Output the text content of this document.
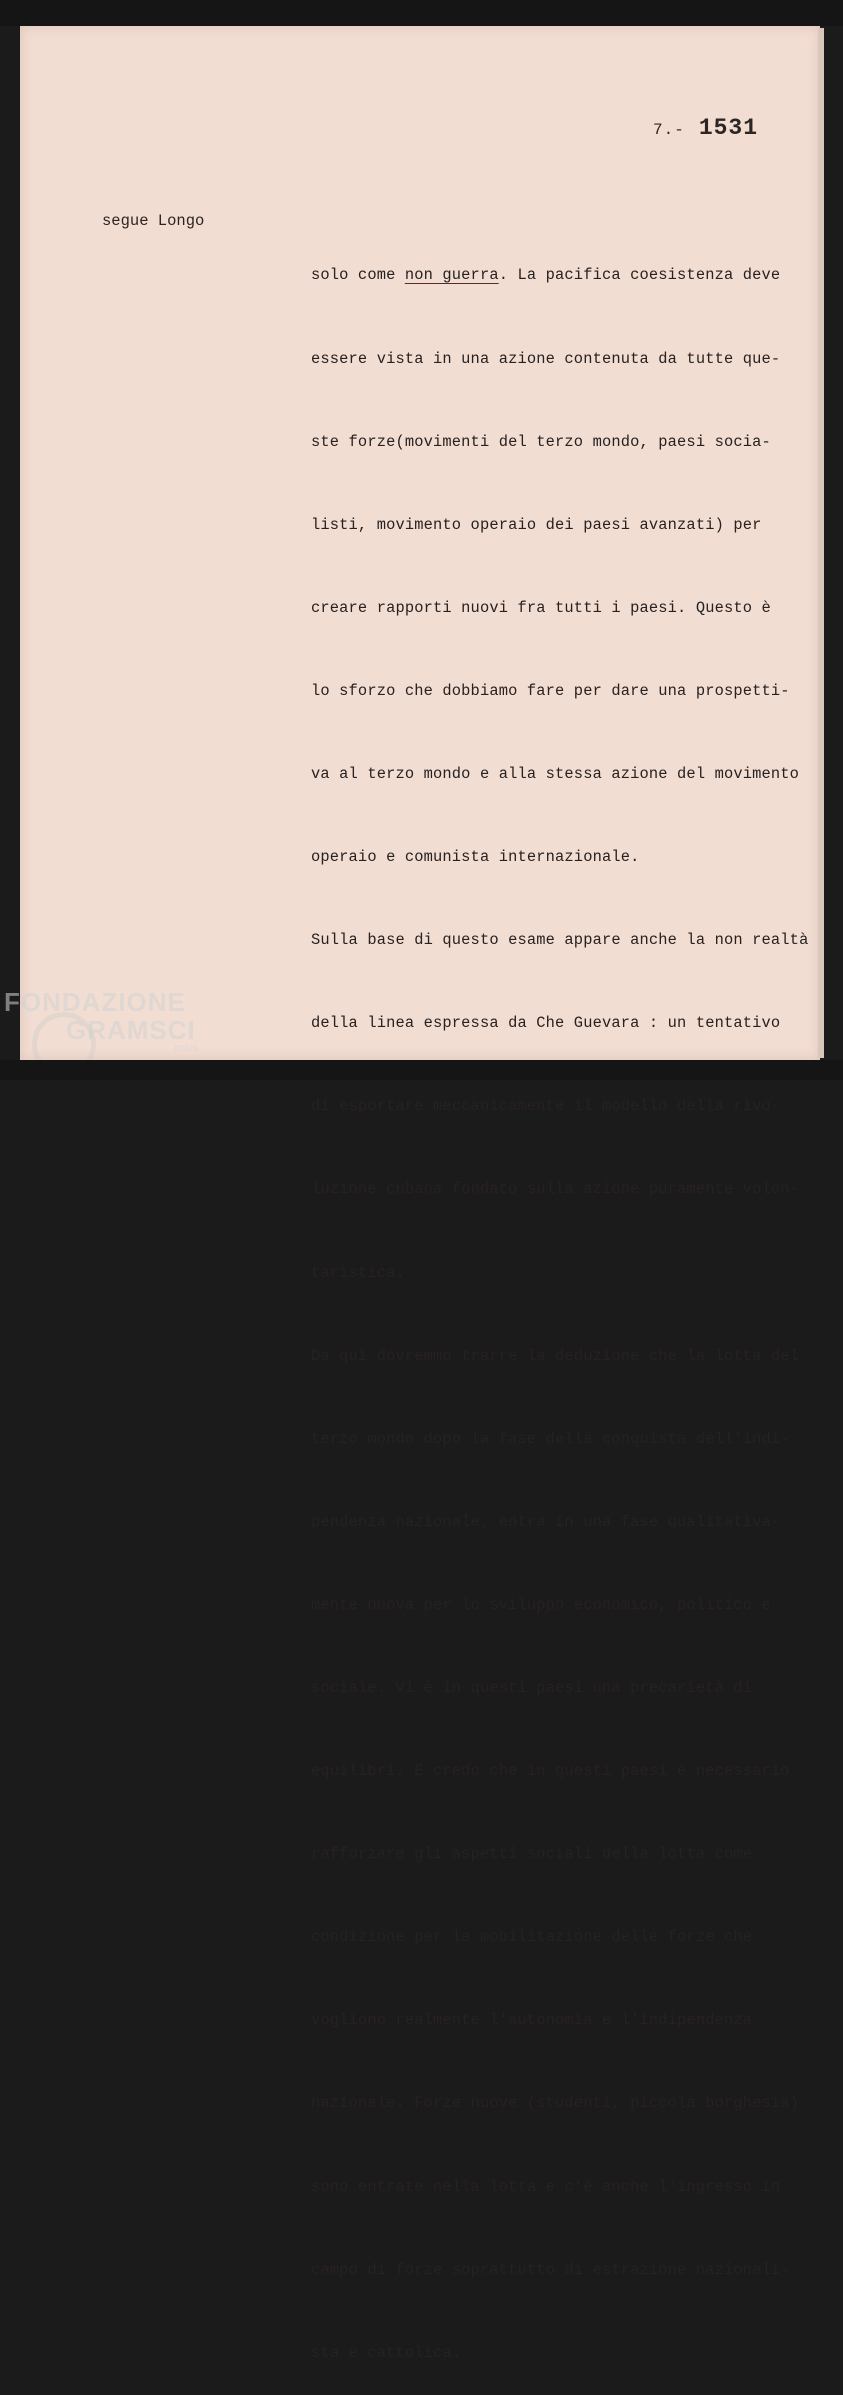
7.- 1531
segue Longo

solo come non guerra. La pacifica coesistenza deve

essere vista in una azione contenuta da tutte que-

ste forze(movimenti del terzo mondo, paesi socia-

listi, movimento operaio dei paesi avanzati) per

creare rapporti nuovi fra tutti i paesi. Questo è

lo sforzo che dobbiamo fare per dare una prospetti-

va al terzo mondo e alla stessa azione del movimento

operaio e comunista internazionale.

Sulla base di questo esame appare anche la non realtà

della linea espressa da Che Guevara : un tentativo

di esportare meccanicamente il modello della rivo-

luzione cubana fondato sulla azione puramente volon-

taristica.

Da qui dovremmo trarre la deduzione che la lotta del

terzo mondo dopo la fase della conquista dell'indi-

pendenza nazionale, entra in una fase qualitativa-

mente nuova per lo sviluppo economico, politico e

sociale. Vi è in questi paesi una precarietà di

equilibri. E credo che in questi paesi è necessario

rafforzare gli aspetti sociali della lotta come

condizione per la mobilitazione delle forze che

vogliono realmente l'autonomia e l'indipendenza

nazionale. Forze nuove (studenti, piccola borghesia)

sono entrate nella lotta e c'è anche l'ingresso in

campo di forze soprattutto di estrazione nazionali-

sta e cattolica.

FONDAZIONE
GRAMSCI
onlus
